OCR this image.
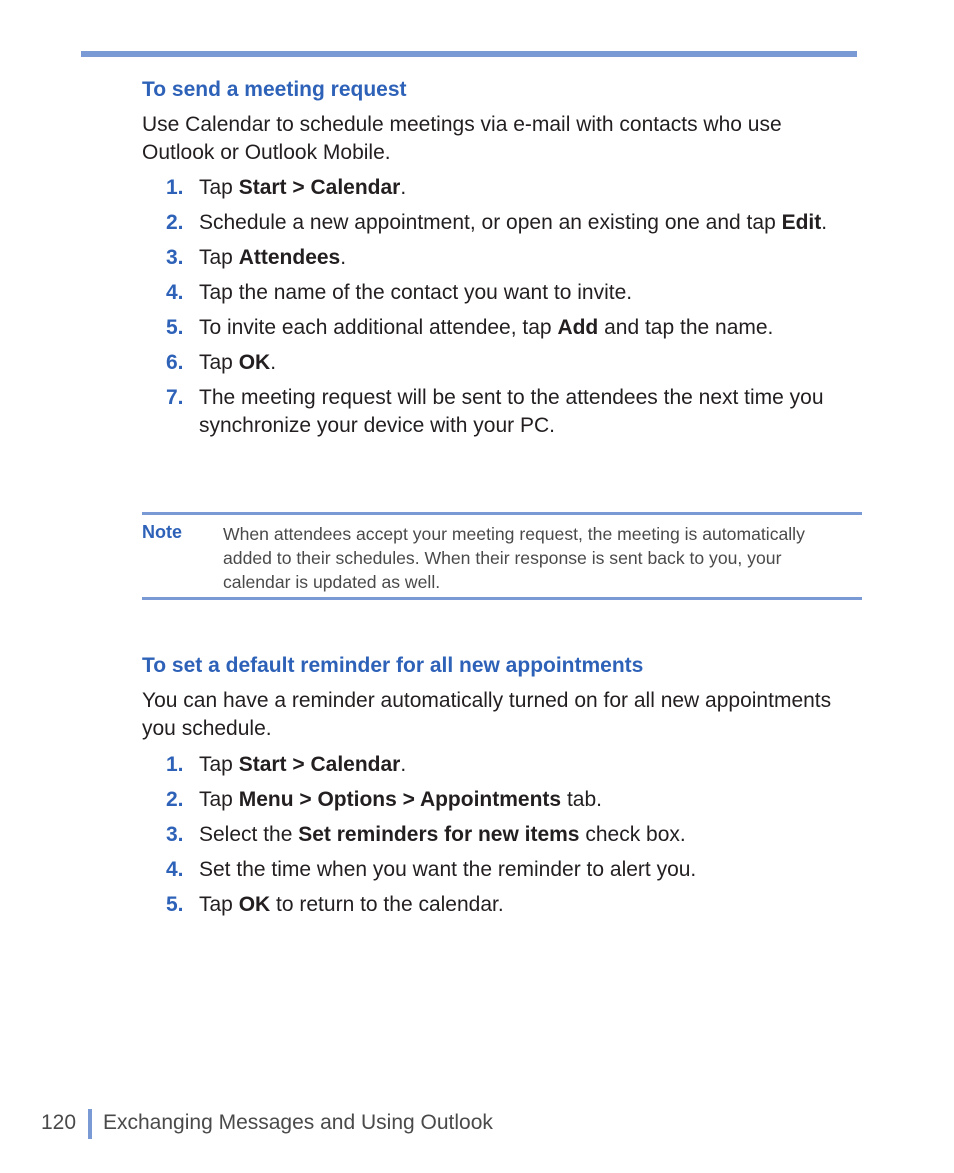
To send a meeting request

Use Calendar to schedule meetings via e-mail with contacts who use Outlook or Outlook Mobile.

1. Tap Start > Calendar.
2. Schedule a new appointment, or open an existing one and tap Edit.
3. Tap Attendees.
4. Tap the name of the contact you want to invite.
5. To invite each additional attendee, tap Add and tap the name.
6. Tap OK.
7. The meeting request will be sent to the attendees the next time you synchronize your device with your PC.
Note When attendees accept your meeting request, the meeting is automatically added to their schedules. When their response is sent back to you, your calendar is updated as well.
To set a default reminder for all new appointments

You can have a reminder automatically turned on for all new appointments you schedule.

1. Tap Start > Calendar.
2. Tap Menu > Options > Appointments tab.
3. Select the Set reminders for new items check box.
4. Set the time when you want the reminder to alert you.
5. Tap OK to return to the calendar.
120 Exchanging Messages and Using Outlook
